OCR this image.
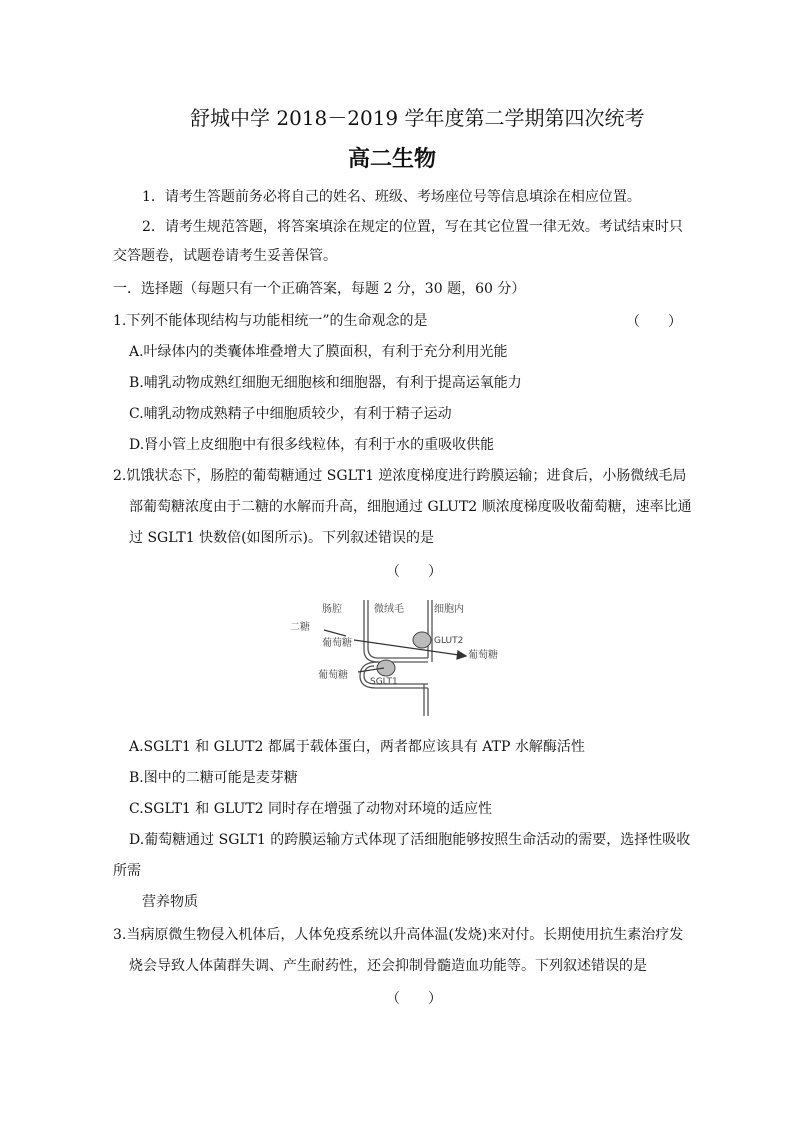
舒城中学 2018－2019 学年度第二学期第四次统考
高二生物
1．请考生答题前务必将自己的姓名、班级、考场座位号等信息填涂在相应位置。
2．请考生规范答题，将答案填涂在规定的位置，写在其它位置一律无效。考试结束时只
交答题卷，试题卷请考生妥善保管。
一．选择题（每题只有一个正确答案，每题 2 分，30 题，60 分）
1.下列不能体现结构与功能相统一”的生命观念的是	（　　）
A.叶绿体内的类囊体堆叠增大了膜面积，有利于充分利用光能
B.哺乳动物成熟红细胞无细胞核和细胞器，有利于提高运氧能力
C.哺乳动物成熟精子中细胞质较少，有利于精子运动
D.肾小管上皮细胞中有很多线粒体，有利于水的重吸收供能
2.饥饿状态下，肠腔的葡萄糖通过 SGLT1 逆浓度梯度进行跨膜运输；进食后，小肠微绒毛局
部葡萄糖浓度由于二糖的水解而升高，细胞通过 GLUT2 顺浓度梯度吸收葡萄糖，速率比通
过 SGLT1 快数倍(如图所示)。下列叙述错误的是
（　　）
肠腔	微绒毛	细胞内
二糖
葡萄糖	GLUT2
葡萄糖
葡萄糖
SGLT1
A.SGLT1 和 GLUT2 都属于载体蛋白，两者都应该具有 ATP 水解酶活性
B.图中的二糖可能是麦芽糖
C.SGLT1 和 GLUT2 同时存在增强了动物对环境的适应性
D.葡萄糖通过 SGLT1 的跨膜运输方式体现了活细胞能够按照生命活动的需要，选择性吸收
所需
营养物质
3.当病原微生物侵入机体后，人体免疫系统以升高体温(发烧)来对付。长期使用抗生素治疗发
烧会导致人体菌群失调、产生耐药性，还会抑制骨髓造血功能等。下列叙述错误的是
（　　）
